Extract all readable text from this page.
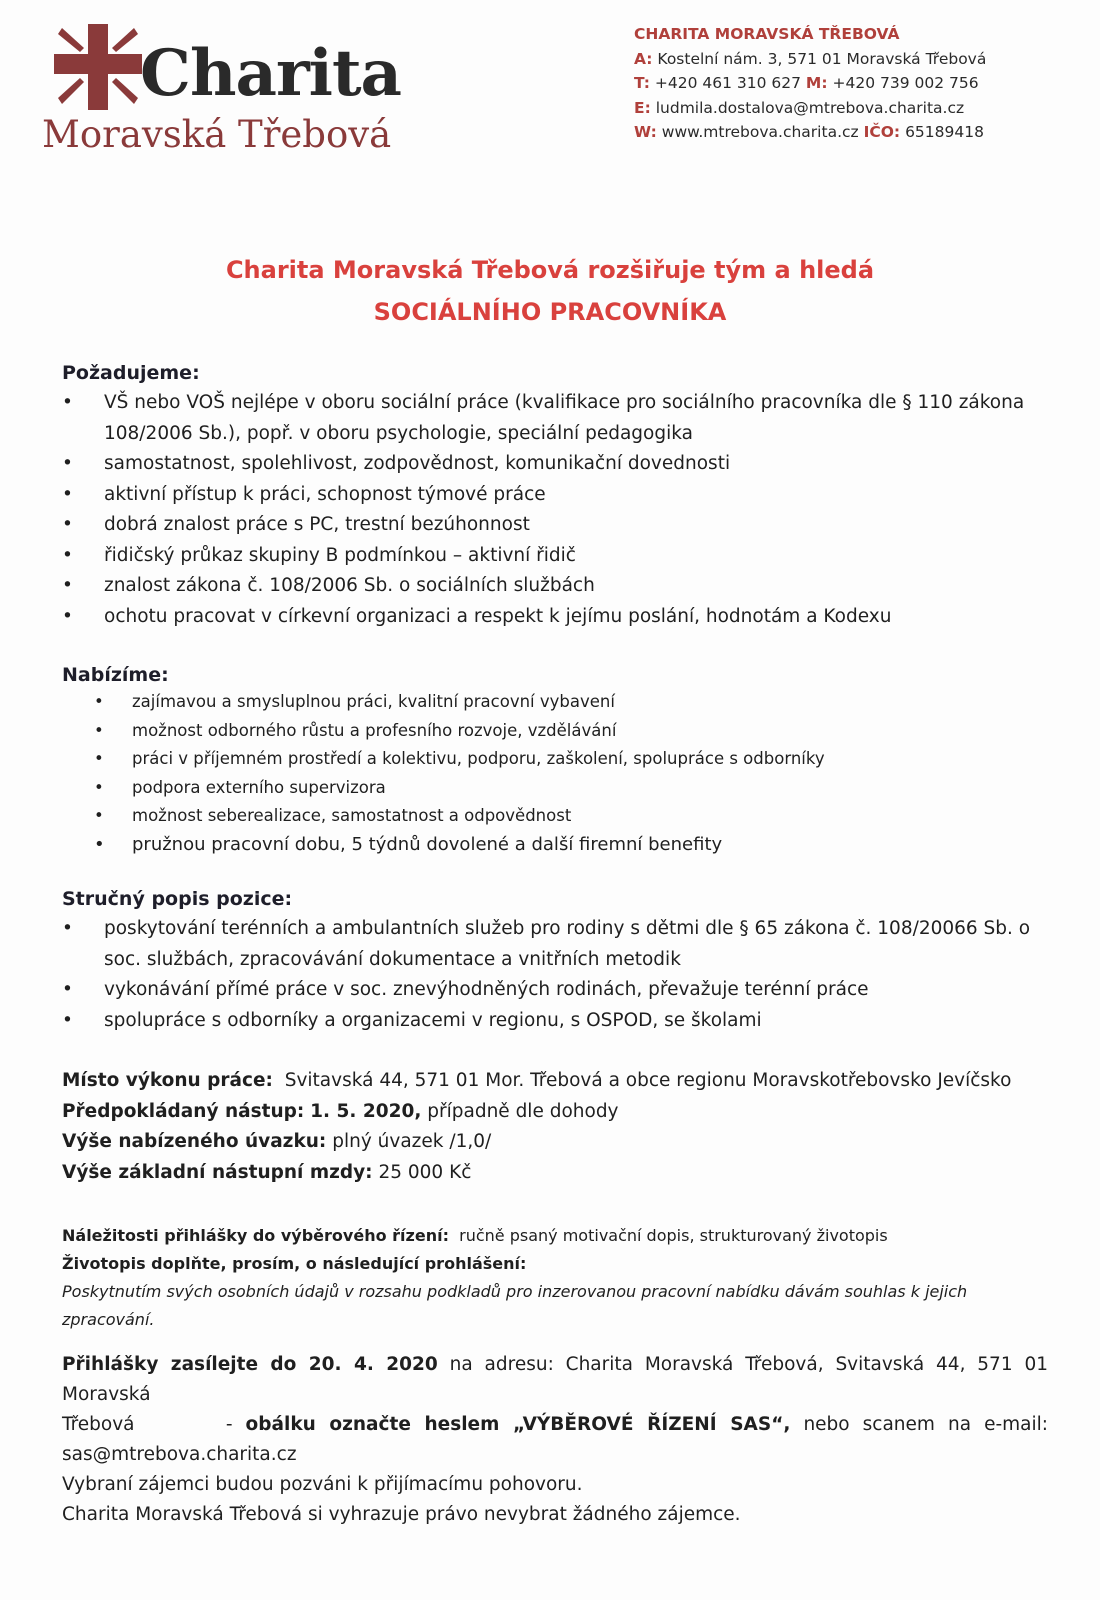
Charita
Moravská Třebová
CHARITA MORAVSKÁ TŘEBOVÁ
A: Kostelní nám. 3, 571 01 Moravská Třebová
T: +420 461 310 627 M: +420 739 002 756
E: ludmila.dostalova@mtrebova.charita.cz
W: www.mtrebova.charita.cz IČO: 65189418
Charita Moravská Třebová rozšiřuje tým a hledá
SOCIÁLNÍHO PRACOVNÍKA
Požadujeme:
• VŠ nebo VOŠ nejlépe v oboru sociální práce (kvalifikace pro sociálního pracovníka dle § 110 zákona 108/2006 Sb.), popř. v oboru psychologie, speciální pedagogika
• samostatnost, spolehlivost, zodpovědnost, komunikační dovednosti
• aktivní přístup k práci, schopnost týmové práce
• dobrá znalost práce s PC, trestní bezúhonnost
• řidičský průkaz skupiny B podmínkou – aktivní řidič
• znalost zákona č. 108/2006 Sb. o sociálních službách
• ochotu pracovat v církevní organizaci a respekt k jejímu poslání, hodnotám a Kodexu
Nabízíme:
• zajímavou a smysluplnou práci, kvalitní pracovní vybavení
• možnost odborného růstu a profesního rozvoje, vzdělávání
• práci v příjemném prostředí a kolektivu, podporu, zaškolení, spolupráce s odborníky
• podpora externího supervizora
• možnost seberealizace, samostatnost a odpovědnost
• pružnou pracovní dobu, 5 týdnů dovolené a další firemní benefity
Stručný popis pozice:
• poskytování terénních a ambulantních služeb pro rodiny s dětmi dle § 65 zákona č. 108/20066 Sb. o soc. službách, zpracovávání dokumentace a vnitřních metodik
• vykonávání přímé práce v soc. znevýhodněných rodinách, převažuje terénní práce
• spolupráce s odborníky a organizacemi v regionu, s OSPOD, se školami
Místo výkonu práce: Svitavská 44, 571 01 Mor. Třebová a obce regionu Moravskotřebovsko Jevíčsko
Předpokládaný nástup: 1. 5. 2020, případně dle dohody
Výše nabízeného úvazku: plný úvazek /1,0/
Výše základní nástupní mzdy: 25 000 Kč
Náležitosti přihlášky do výběrového řízení: ručně psaný motivační dopis, strukturovaný životopis
Životopis doplňte, prosím, o následující prohlášení:
Poskytnutím svých osobních údajů v rozsahu podkladů pro inzerovanou pracovní nabídku dávám souhlas k jejich zpracování.
Přihlášky zasílejte do 20. 4. 2020 na adresu: Charita Moravská Třebová, Svitavská 44, 571 01 Moravská
Třebová	- obálku označte heslem „VÝBĚROVÉ ŘÍZENÍ SAS“, nebo scanem na e-mail:
sas@mtrebova.charita.cz
Vybraní zájemci budou pozváni k přijímacímu pohovoru.
Charita Moravská Třebová si vyhrazuje právo nevybrat žádného zájemce.
